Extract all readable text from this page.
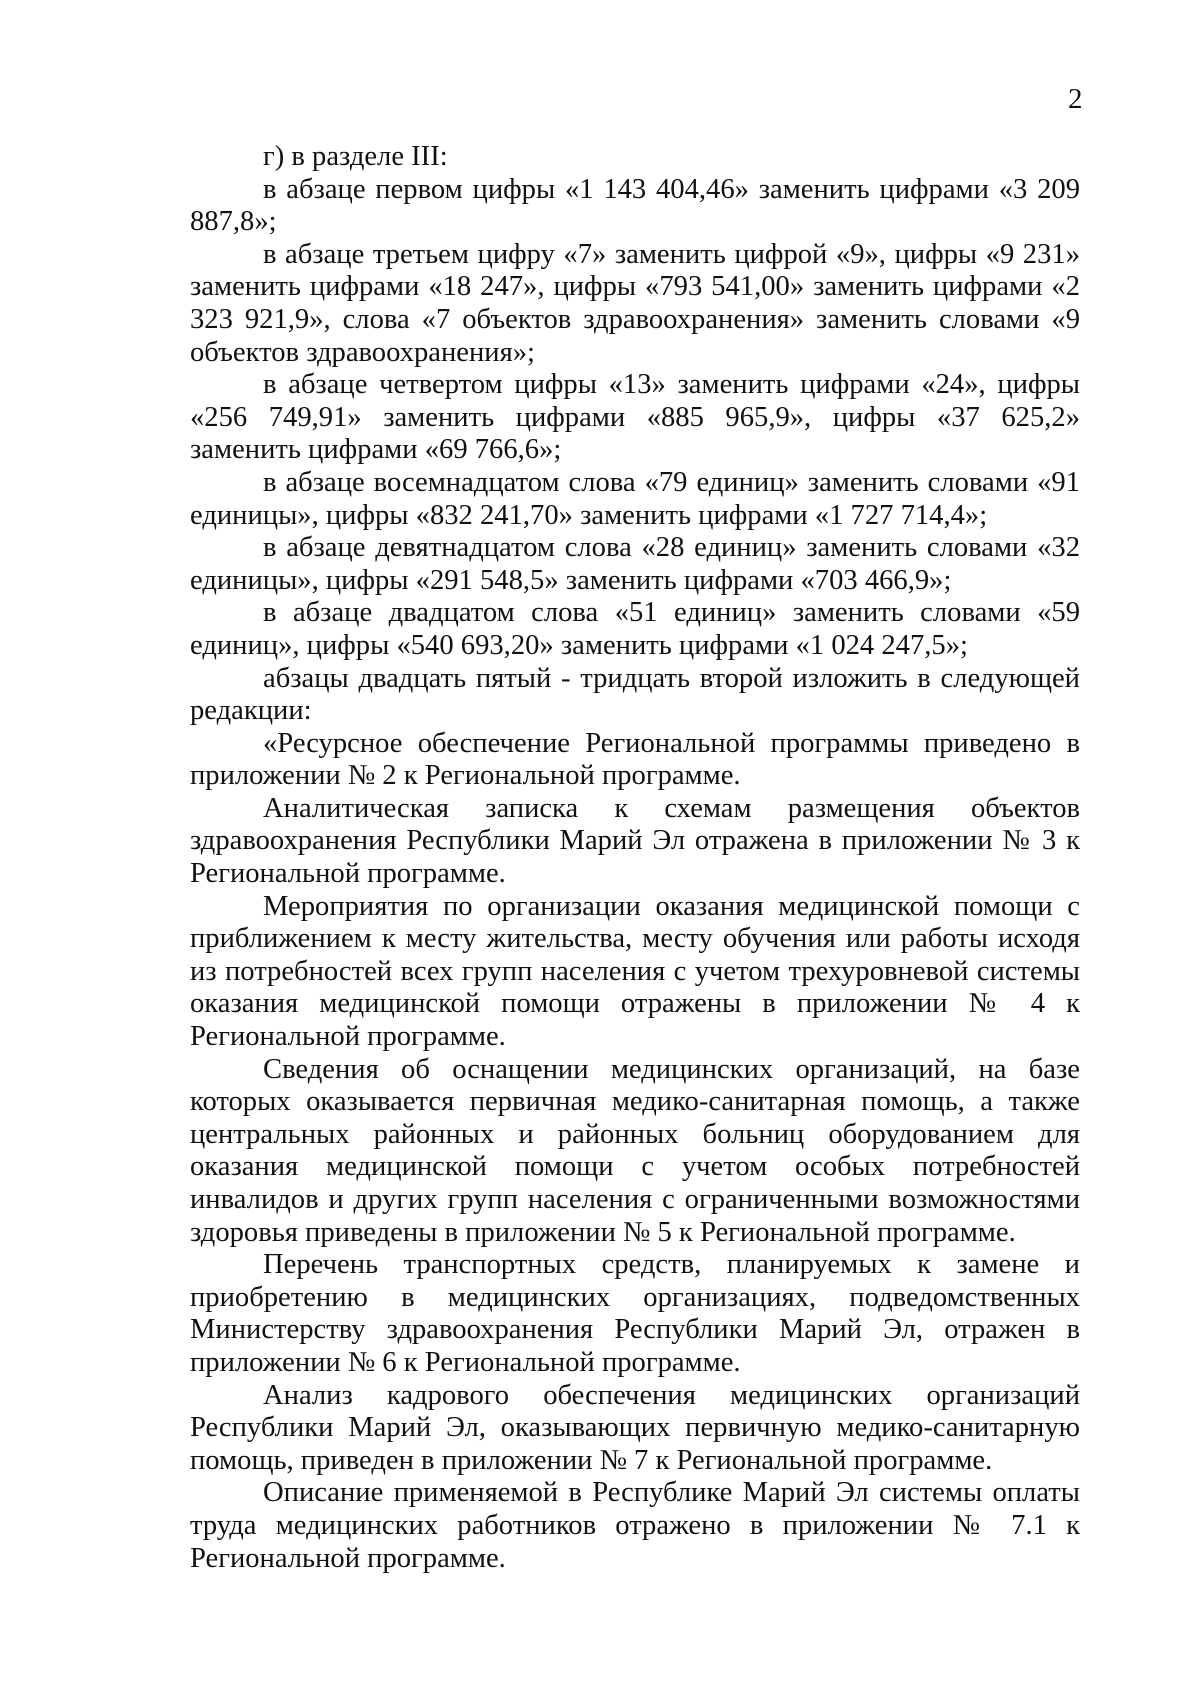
2

г) в разделе III:

в абзаце первом цифры «1 143 404,46» заменить цифрами «3 209 887,8»;

в абзаце третьем цифру «7» заменить цифрой «9», цифры «9 231» заменить цифрами «18 247», цифры «793 541,00» заменить цифрами «2 323 921,9», слова «7 объектов здравоохранения» заменить словами «9 объектов здравоохранения»;

в абзаце четвертом цифры «13» заменить цифрами «24», цифры «256 749,91» заменить цифрами «885 965,9», цифры «37 625,2» заменить цифрами «69 766,6»;

в абзаце восемнадцатом слова «79 единиц» заменить словами «91 единицы», цифры «832 241,70» заменить цифрами «1 727 714,4»;

в абзаце девятнадцатом слова «28 единиц» заменить словами «32 единицы», цифры «291 548,5» заменить цифрами «703 466,9»;

в абзаце двадцатом слова «51 единиц» заменить словами «59 единиц», цифры «540 693,20» заменить цифрами «1 024 247,5»;

абзацы двадцать пятый - тридцать второй изложить в следующей редакции:

«Ресурсное обеспечение Региональной программы приведено в приложении № 2 к Региональной программе.

Аналитическая записка к схемам размещения объектов здравоохранения Республики Марий Эл отражена в приложении № 3 к Региональной программе.

Мероприятия по организации оказания медицинской помощи с приближением к месту жительства, месту обучения или работы исходя из потребностей всех групп населения с учетом трехуровневой системы оказания медицинской помощи отражены в приложении № 4 к Региональной программе.

Сведения об оснащении медицинских организаций, на базе которых оказывается первичная медико-санитарная помощь, а также центральных районных и районных больниц оборудованием для оказания медицинской помощи с учетом особых потребностей инвалидов и других групп населения с ограниченными возможностями здоровья приведены в приложении № 5 к Региональной программе.

Перечень транспортных средств, планируемых к замене и приобретению в медицинских организациях, подведомственных Министерству здравоохранения Республики Марий Эл, отражен в приложении № 6 к Региональной программе.

Анализ кадрового обеспечения медицинских организаций Республики Марий Эл, оказывающих первичную медико-санитарную помощь, приведен в приложении № 7 к Региональной программе.

Описание применяемой в Республике Марий Эл системы оплаты труда медицинских работников отражено в приложении № 7.1 к Региональной программе.
